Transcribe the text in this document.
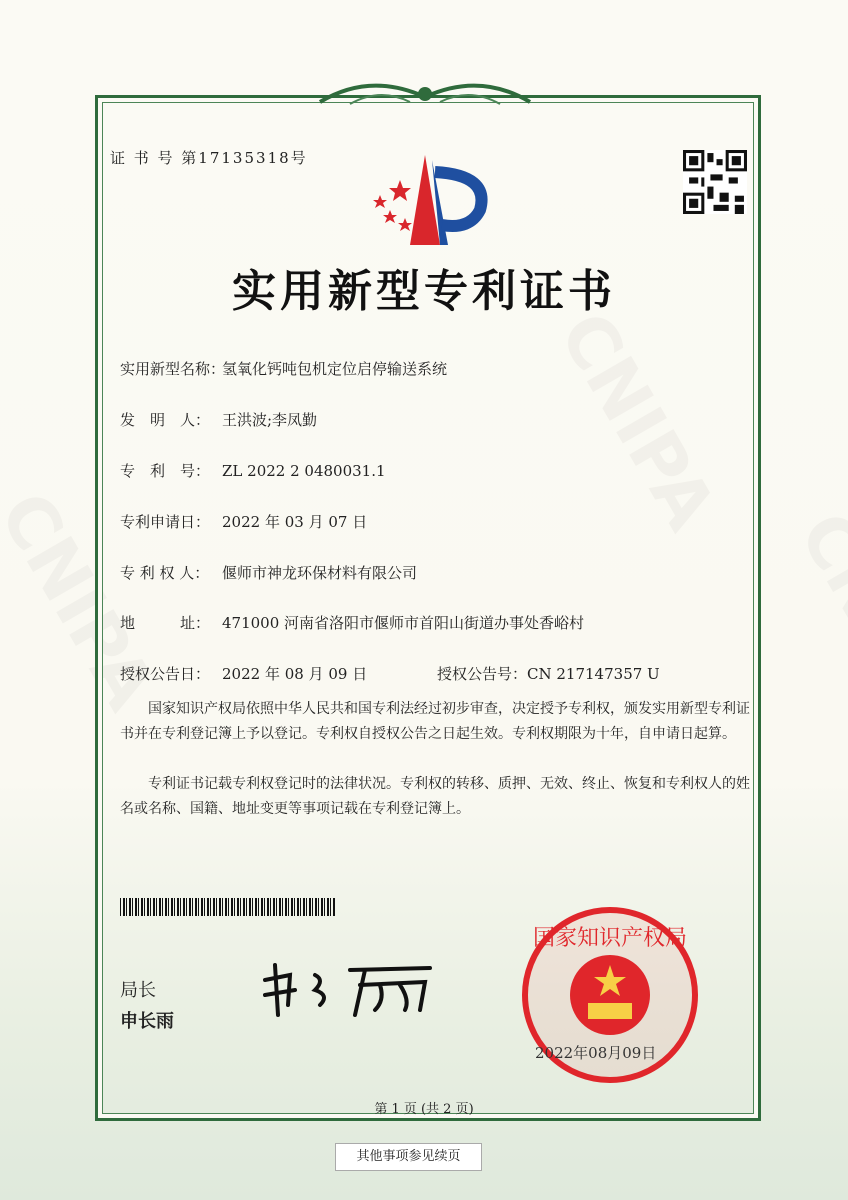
证 书 号 第17135318号
实用新型专利证书
实用新型名称：氢氧化钙吨包机定位启停输送系统
发　明　人： 王洪波;李凤勤
专　利　号： ZL 2022 2 0480031.1
专利申请日： 2022 年 03 月 07 日
专 利 权 人： 偃师市神龙环保材料有限公司
地　　　址： 471000 河南省洛阳市偃师市首阳山街道办事处香峪村
授权公告日： 2022 年 08 月 09 日	授权公告号：CN 217147357 U
国家知识产权局依照中华人民共和国专利法经过初步审查，决定授予专利权，颁发实用新型专利证书并在专利登记簿上予以登记。专利权自授权公告之日起生效。专利权期限为十年，自申请日起算。
专利证书记载专利权登记时的法律状况。专利权的转移、质押、无效、终止、恢复和专利权人的姓名或名称、国籍、地址变更等事项记载在专利登记簿上。
局长
申长雨
国家知识产权局
2022年08月09日
第 1 页 (共 2 页)
其他事项参见续页
